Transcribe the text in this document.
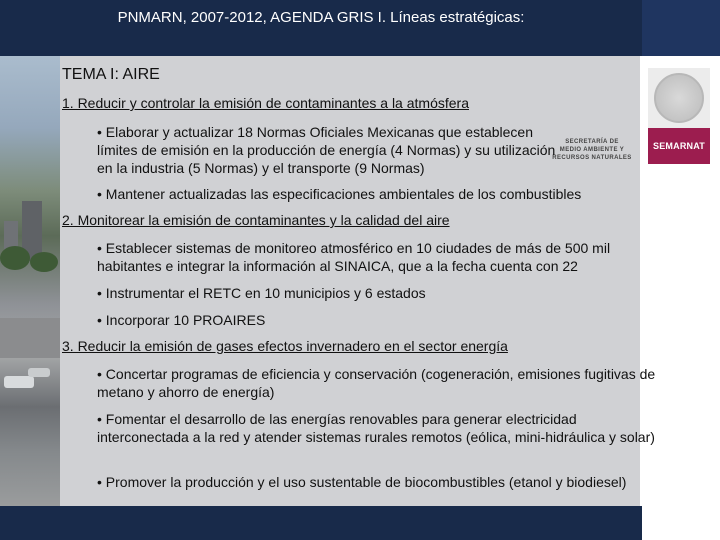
PNMARN, 2007-2012, AGENDA GRIS I. Líneas estratégicas:
SEMARNAT
SECRETARÍA DE
MEDIO AMBIENTE Y
RECURSOS NATURALES
TEMA I: AIRE
1. Reducir y controlar la emisión de contaminantes a la atmósfera
• Elaborar y actualizar 18 Normas Oficiales Mexicanas que establecen límites de emisión en la producción de energía (4 Normas) y su utilización en la industria (5 Normas) y el transporte (9 Normas)
• Mantener actualizadas las especificaciones ambientales de los combustibles
2. Monitorear la emisión de contaminantes y la calidad del aire
• Establecer sistemas de monitoreo atmosférico en 10 ciudades de más de 500 mil habitantes e integrar la información al SINAICA, que a la fecha cuenta con 22
• Instrumentar el RETC en 10 municipios y 6 estados
• Incorporar 10 PROAIRES
3. Reducir la emisión de gases efectos invernadero en el sector energía
• Concertar programas de eficiencia y conservación (cogeneración, emisiones fugitivas de metano y ahorro de energía)
• Fomentar el desarrollo de las energías renovables para generar electricidad interconectada a la red y atender sistemas rurales remotos (eólica, mini-hidráulica y solar)
• Promover la producción y el uso sustentable de biocombustibles (etanol y biodiesel)
